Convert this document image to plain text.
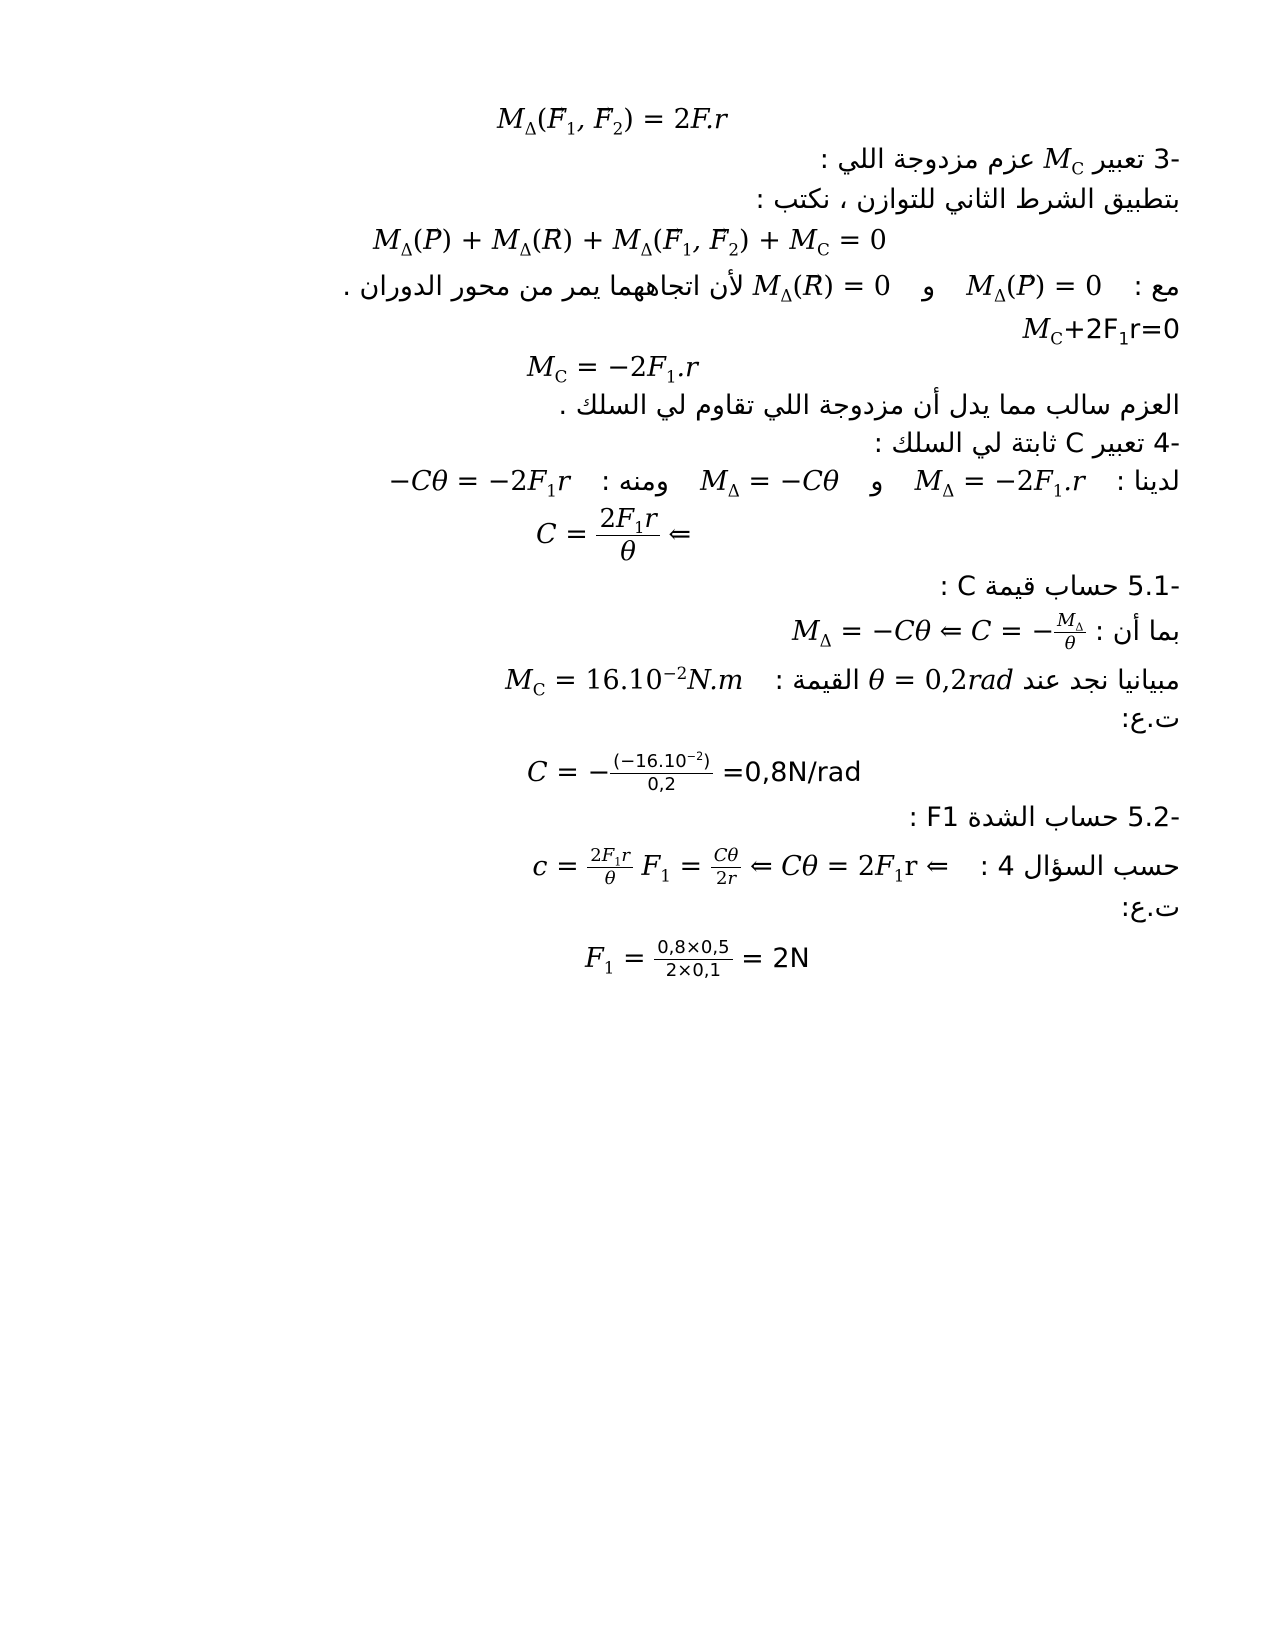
$M_\Delta(F \to_1$, $F \to_2) = 2F.r$
-3 تعبير $M_C$ عزم مزدوجة اللي :
بتطبيق الشرط الثاني للتوازن ، نكتب :
$M_\Delta(P$ →) + $M_\Delta(R$ →) + $M_\Delta(F \to_1$, $F \to_2) + M_C = 0$
مع :  $M_\Delta(P$ →) = 0  و  $M_\Delta(R$ →) = 0 لأن اتجاههما يمر من محور الدوران .
$M_C+2F_1r=0$
$M_C = -2F_1.r$
العزم سالب مما يدل أن مزدوجة اللي تقاوم لي السلك .
-4 تعبير C ثابتة لي السلك :
لدينا :  $M_\Delta = -2F_1.r$  و  $M_\Delta = -C\theta$  ومنه :  $-C\theta = -2F_1r$
$C = \frac{2F_1r}{\theta}$ ⇐
-5.1 حساب قيمة C :
بما أن : $M_\Delta = -C\theta$ ⇐ C = − $\frac{M_\Delta}{\theta}$
مبيانيا نجد عند θ = 0,2rad القيمة :  $M_C = 16.10^{-2}N.m$
ت.ع:
C = − $\frac{(-16.10^{-2})}{0,2} =0,8N/rad$
-5.2 حساب الشدة F1 :
حسب السؤال 4 :  $c = \frac{2F_1r}{\theta} F_1 = \frac{C\theta}{2r}$ ⇐ $C\theta = 2F_1r$ ⇐
ت.ع:
$F_1 = \frac{0,8\times 0,5}{2\times 0,1} = 2N$
